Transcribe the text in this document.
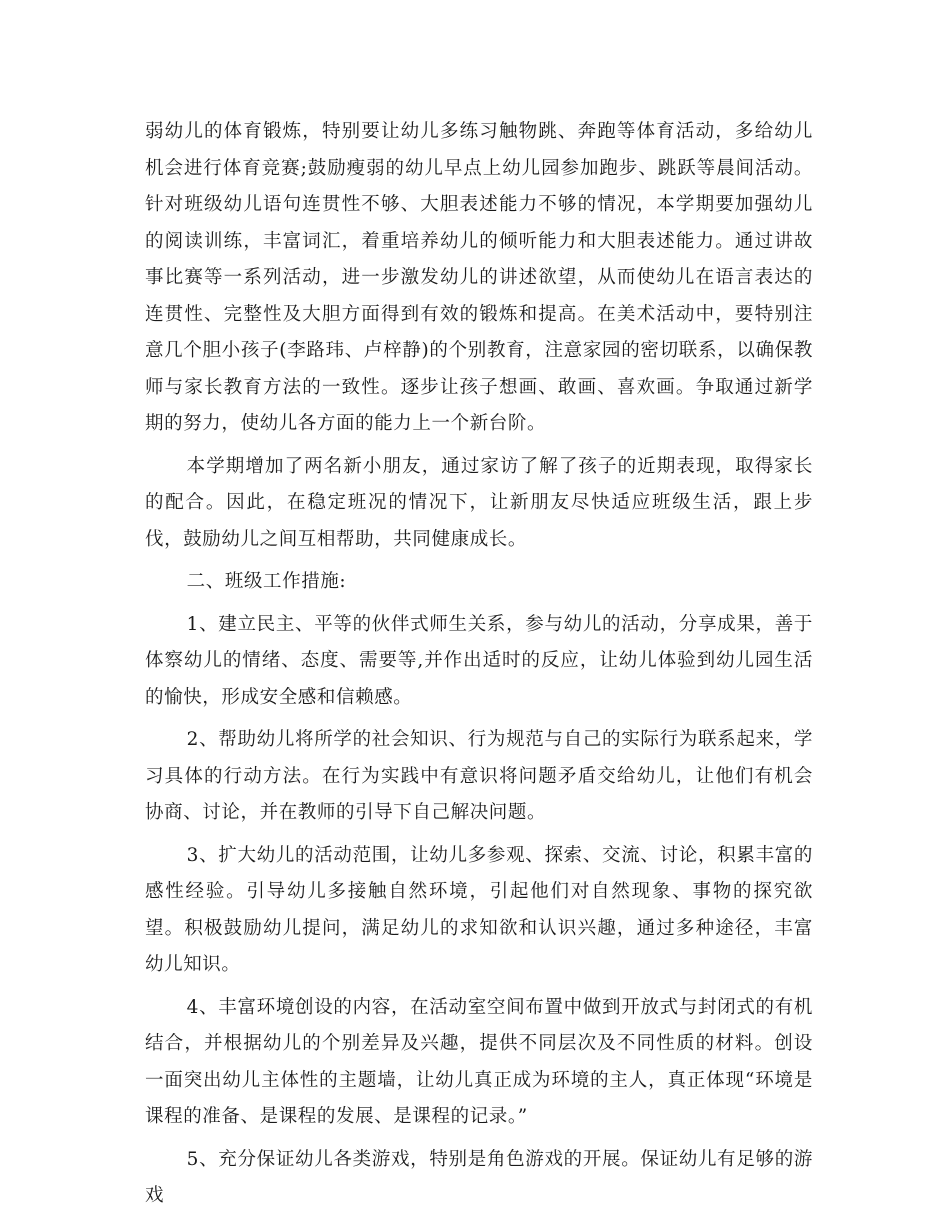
弱幼儿的体育锻炼，特别要让幼儿多练习触物跳、奔跑等体育活动，多给幼儿机会进行体育竞赛;鼓励瘦弱的幼儿早点上幼儿园参加跑步、跳跃等晨间活动。针对班级幼儿语句连贯性不够、大胆表述能力不够的情况，本学期要加强幼儿的阅读训练，丰富词汇，着重培养幼儿的倾听能力和大胆表述能力。通过讲故事比赛等一系列活动，进一步激发幼儿的讲述欲望，从而使幼儿在语言表达的连贯性、完整性及大胆方面得到有效的锻炼和提高。在美术活动中，要特别注意几个胆小孩子(李路玮、卢梓静)的个别教育，注意家园的密切联系，以确保教师与家长教育方法的一致性。逐步让孩子想画、敢画、喜欢画。争取通过新学期的努力，使幼儿各方面的能力上一个新台阶。

本学期增加了两名新小朋友，通过家访了解了孩子的近期表现，取得家长的配合。因此，在稳定班况的情况下，让新朋友尽快适应班级生活，跟上步伐，鼓励幼儿之间互相帮助，共同健康成长。

二、班级工作措施:

1、建立民主、平等的伙伴式师生关系，参与幼儿的活动，分享成果，善于体察幼儿的情绪、态度、需要等,并作出适时的反应，让幼儿体验到幼儿园生活的愉快，形成安全感和信赖感。

2、帮助幼儿将所学的社会知识、行为规范与自己的实际行为联系起来，学习具体的行动方法。在行为实践中有意识将问题矛盾交给幼儿，让他们有机会协商、讨论，并在教师的引导下自己解决问题。

3、扩大幼儿的活动范围，让幼儿多参观、探索、交流、讨论，积累丰富的感性经验。引导幼儿多接触自然环境，引起他们对自然现象、事物的探究欲望。积极鼓励幼儿提问，满足幼儿的求知欲和认识兴趣，通过多种途径，丰富幼儿知识。

4、丰富环境创设的内容，在活动室空间布置中做到开放式与封闭式的有机结合，并根据幼儿的个别差异及兴趣，提供不同层次及不同性质的材料。创设一面突出幼儿主体性的主题墙，让幼儿真正成为环境的主人，真正体现“环境是课程的准备、是课程的发展、是课程的记录。”

5、充分保证幼儿各类游戏，特别是角色游戏的开展。保证幼儿有足够的游戏
